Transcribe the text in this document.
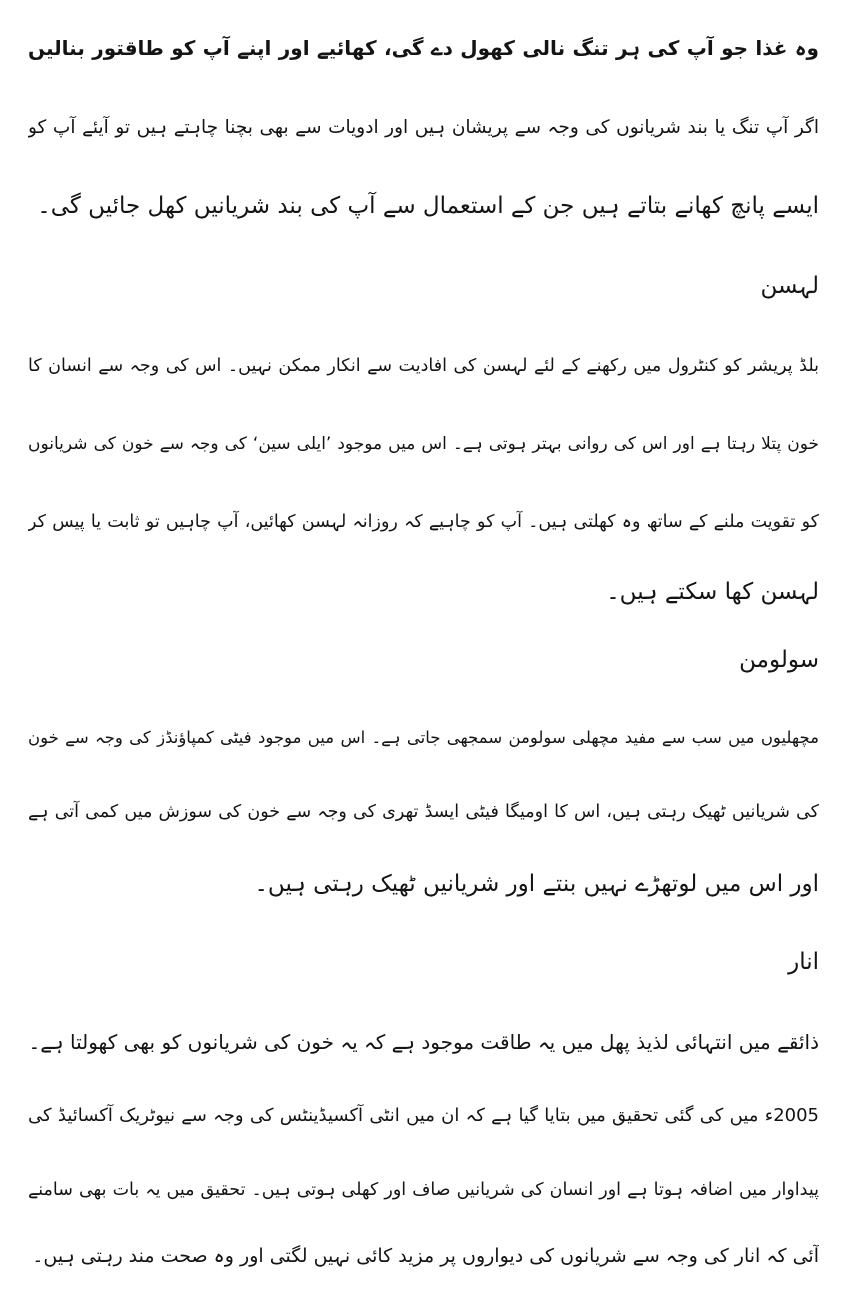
وہ غذا جو آپ کی ہر تنگ نالی کھول دے گی، کھائیے اور اپنے آپ کو طاقتور بنالیں

اگر آپ تنگ یا بند شریانوں کی وجہ سے پریشان ہیں اور ادویات سے بھی بچنا چاہتے ہیں تو آیئے آپ کو

ایسے پانچ کھانے بتاتے ہیں جن کے استعمال سے آپ کی بند شریانیں کھل جائیں گی۔

لہسن

بلڈ پریشر کو کنٹرول میں رکھنے کے لئے لہسن کی افادیت سے انکار ممکن نہیں۔ اس کی وجہ سے انسان کا

خون پتلا رہتا ہے اور اس کی روانی بہتر ہوتی ہے۔ اس میں موجود ’ایلی سین‘ کی وجہ سے خون کی شریانوں

کو تقویت ملنے کے ساتھ وہ کھلتی ہیں۔ آپ کو چاہیے کہ روزانہ لہسن کھائیں، آپ چاہیں تو ثابت یا پیس کر

لہسن کھا سکتے ہیں۔

سولومن

مچھلیوں میں سب سے مفید مچھلی سولومن سمجھی جاتی ہے۔ اس میں موجود فیٹی کمپاؤنڈز کی وجہ سے خون

کی شریانیں ٹھیک رہتی ہیں، اس کا اومیگا فیٹی ایسڈ تھری کی وجہ سے خون کی سوزش میں کمی آتی ہے

اور اس میں لوتھڑے نہیں بنتے اور شریانیں ٹھیک رہتی ہیں۔

انار

ذائقے میں انتہائی لذیذ پھل میں یہ طاقت موجود ہے کہ یہ خون کی شریانوں کو بھی کھولتا ہے۔

2005ء میں کی گئی تحقیق میں بتایا گیا ہے کہ ان میں انٹی آکسیڈینٹس کی وجہ سے نیوٹریک آکسائیڈ کی

پیداوار میں اضافہ ہوتا ہے اور انسان کی شریانیں صاف اور کھلی ہوتی ہیں۔ تحقیق میں یہ بات بھی سامنے

آئی کہ انار کی وجہ سے شریانوں کی دیواروں پر مزید کائی نہیں لگتی اور وہ صحت مند رہتی ہیں۔
